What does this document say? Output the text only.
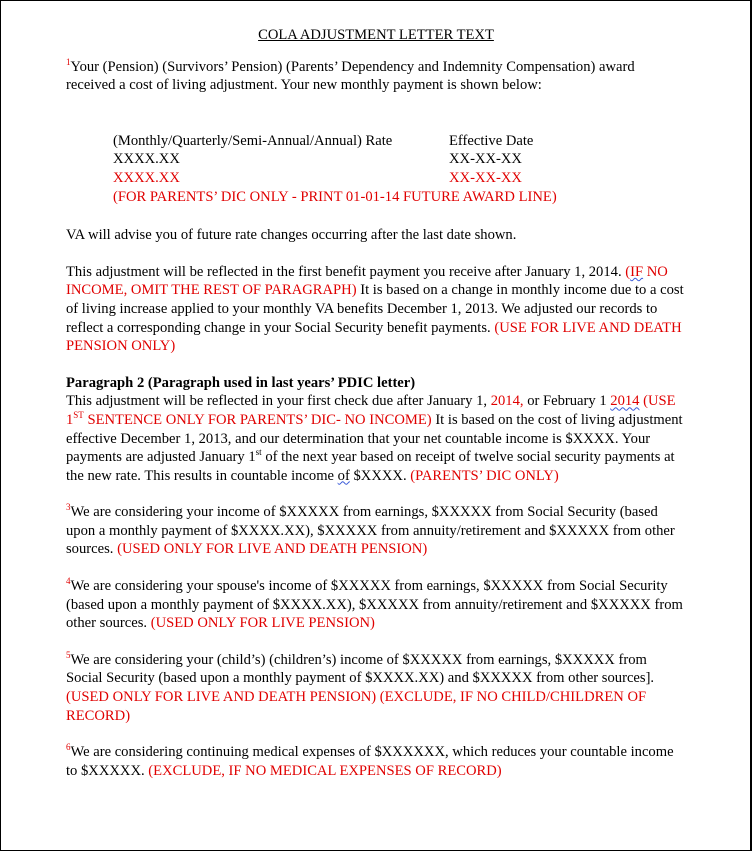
COLA ADJUSTMENT LETTER TEXT
$^1$Your (Pension) (Survivors’ Pension) (Parents’ Dependency and Indemnity Compensation) award received a cost of living adjustment. Your new monthly payment is shown below:
(Monthly/Quarterly/Semi-Annual/Annual) Rate	Effective Date
XXXX.XX	XX-XX-XX
XXXX.XX	XX-XX-XX
(FOR PARENTS’ DIC ONLY - PRINT 01-01-14 FUTURE AWARD LINE)
VA will advise you of future rate changes occurring after the last date shown.
This adjustment will be reflected in the first benefit payment you receive after January 1, 2014. (IF NO INCOME, OMIT THE REST OF PARAGRAPH) It is based on a change in monthly income due to a cost of living increase applied to your monthly VA benefits December 1, 2013. We adjusted our records to reflect a corresponding change in your Social Security benefit payments. (USE FOR LIVE AND DEATH PENSION ONLY)
Paragraph 2 (Paragraph used in last years’ PDIC letter)
This adjustment will be reflected in your first check due after January 1, 2014, or February 1 2014 (USE 1ST SENTENCE ONLY FOR PARENTS’ DIC- NO INCOME) It is based on the cost of living adjustment effective December 1, 2013, and our determination that your net countable income is $XXXX. Your payments are adjusted January 1st of the next year based on receipt of twelve social security payments at the new rate. This results in countable income of $XXXX. (PARENTS’ DIC ONLY)
$^3$We are considering your income of $XXXXX from earnings, $XXXXX from Social Security (based upon a monthly payment of $XXXX.XX), $XXXXX from annuity/retirement and $XXXXX from other sources. (USED ONLY FOR LIVE AND DEATH PENSION)
$^4$We are considering your spouse's income of $XXXXX from earnings, $XXXXX from Social Security (based upon a monthly payment of $XXXX.XX), $XXXXX from annuity/retirement and $XXXXX from other sources. (USED ONLY FOR LIVE PENSION)
$^5$We are considering your (child’s) (children’s) income of $XXXXX from earnings, $XXXXX from Social Security (based upon a monthly payment of $XXXX.XX) and $XXXXX from other sources]. (USED ONLY FOR LIVE AND DEATH PENSION) (EXCLUDE, IF NO CHILD/CHILDREN OF RECORD)
$^6$We are considering continuing medical expenses of $XXXXXX, which reduces your countable income to $XXXXX. (EXCLUDE, IF NO MEDICAL EXPENSES OF RECORD)
